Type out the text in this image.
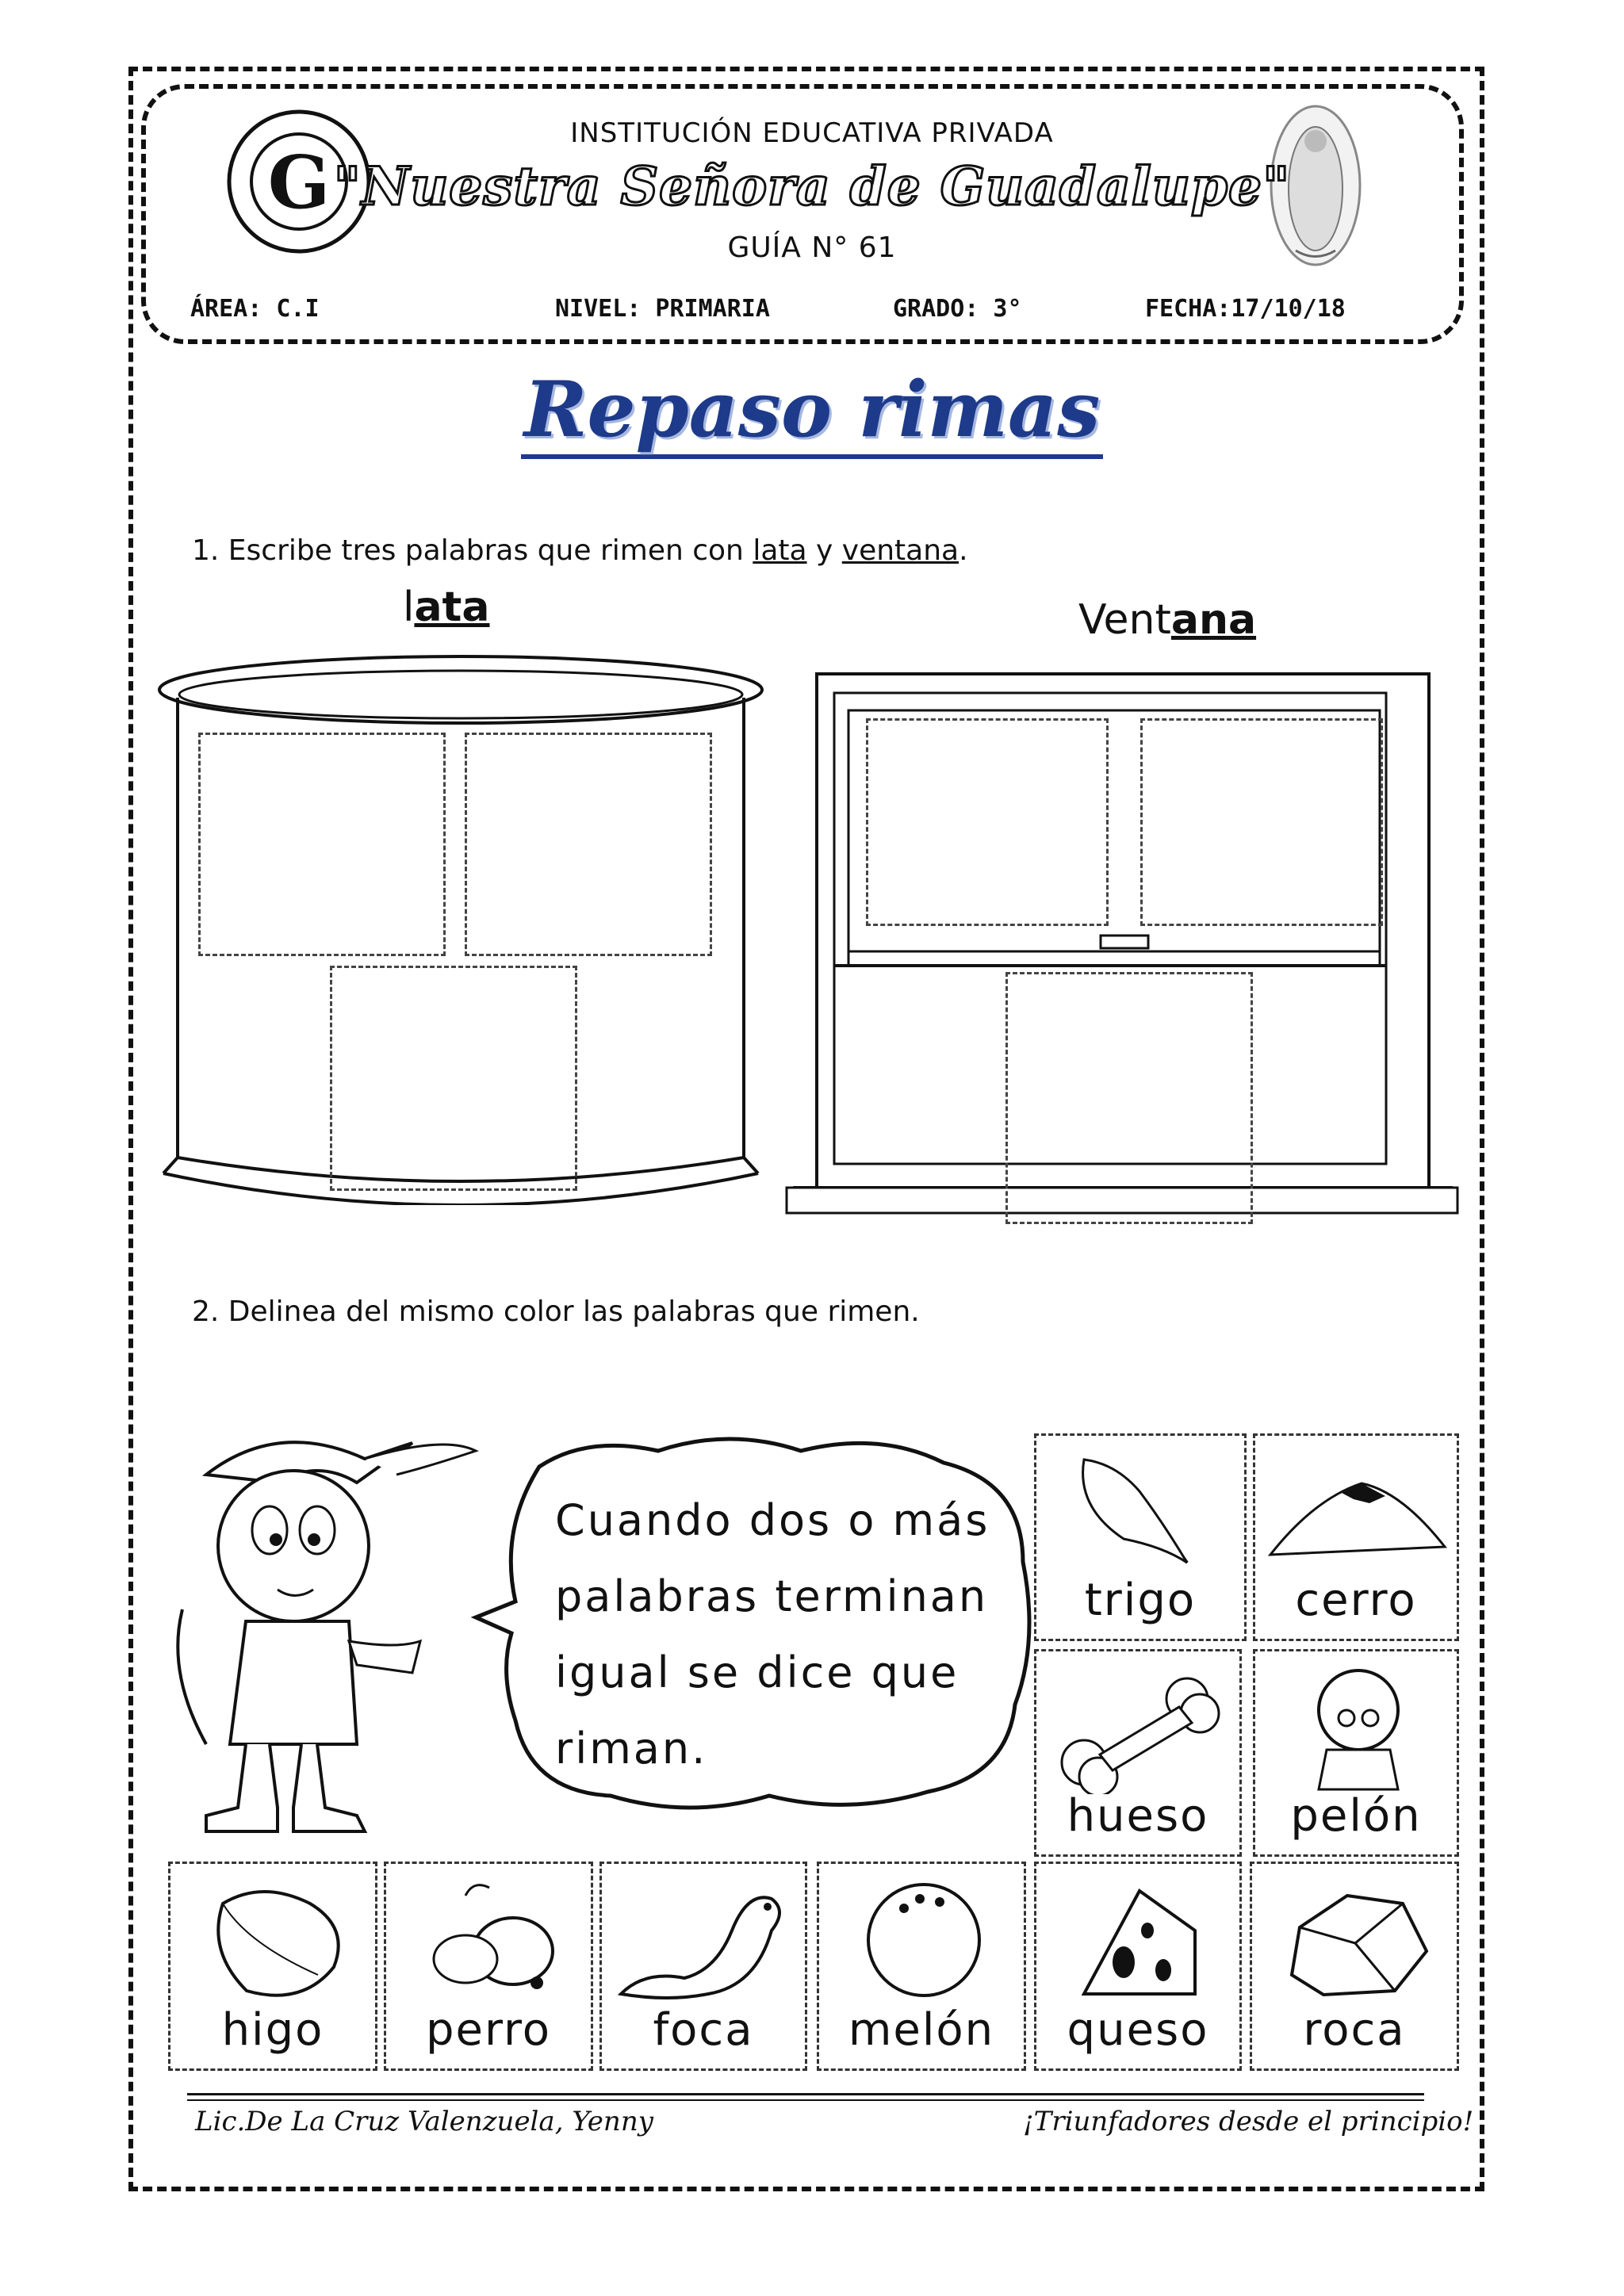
G
INSTITUCIÓN EDUCATIVA PRIVADA
"Nuestra Señora de Guadalupe"
GUÍA N° 61
ÁREA: C.I	NIVEL: PRIMARIA	GRADO: 3°	FECHA:17/10/18
Repaso rimas
1. Escribe tres palabras que rimen con lata y ventana.
lata	Ventana
2. Delinea del mismo color las palabras que rimen.
Cuando dos o más
palabras terminan
igual se dice que
riman.
trigo	cerro
hueso	pelón
higo	perro	foca	melón	queso	roca
Lic.De La Cruz Valenzuela, Yenny	¡Triunfadores desde el principio!
